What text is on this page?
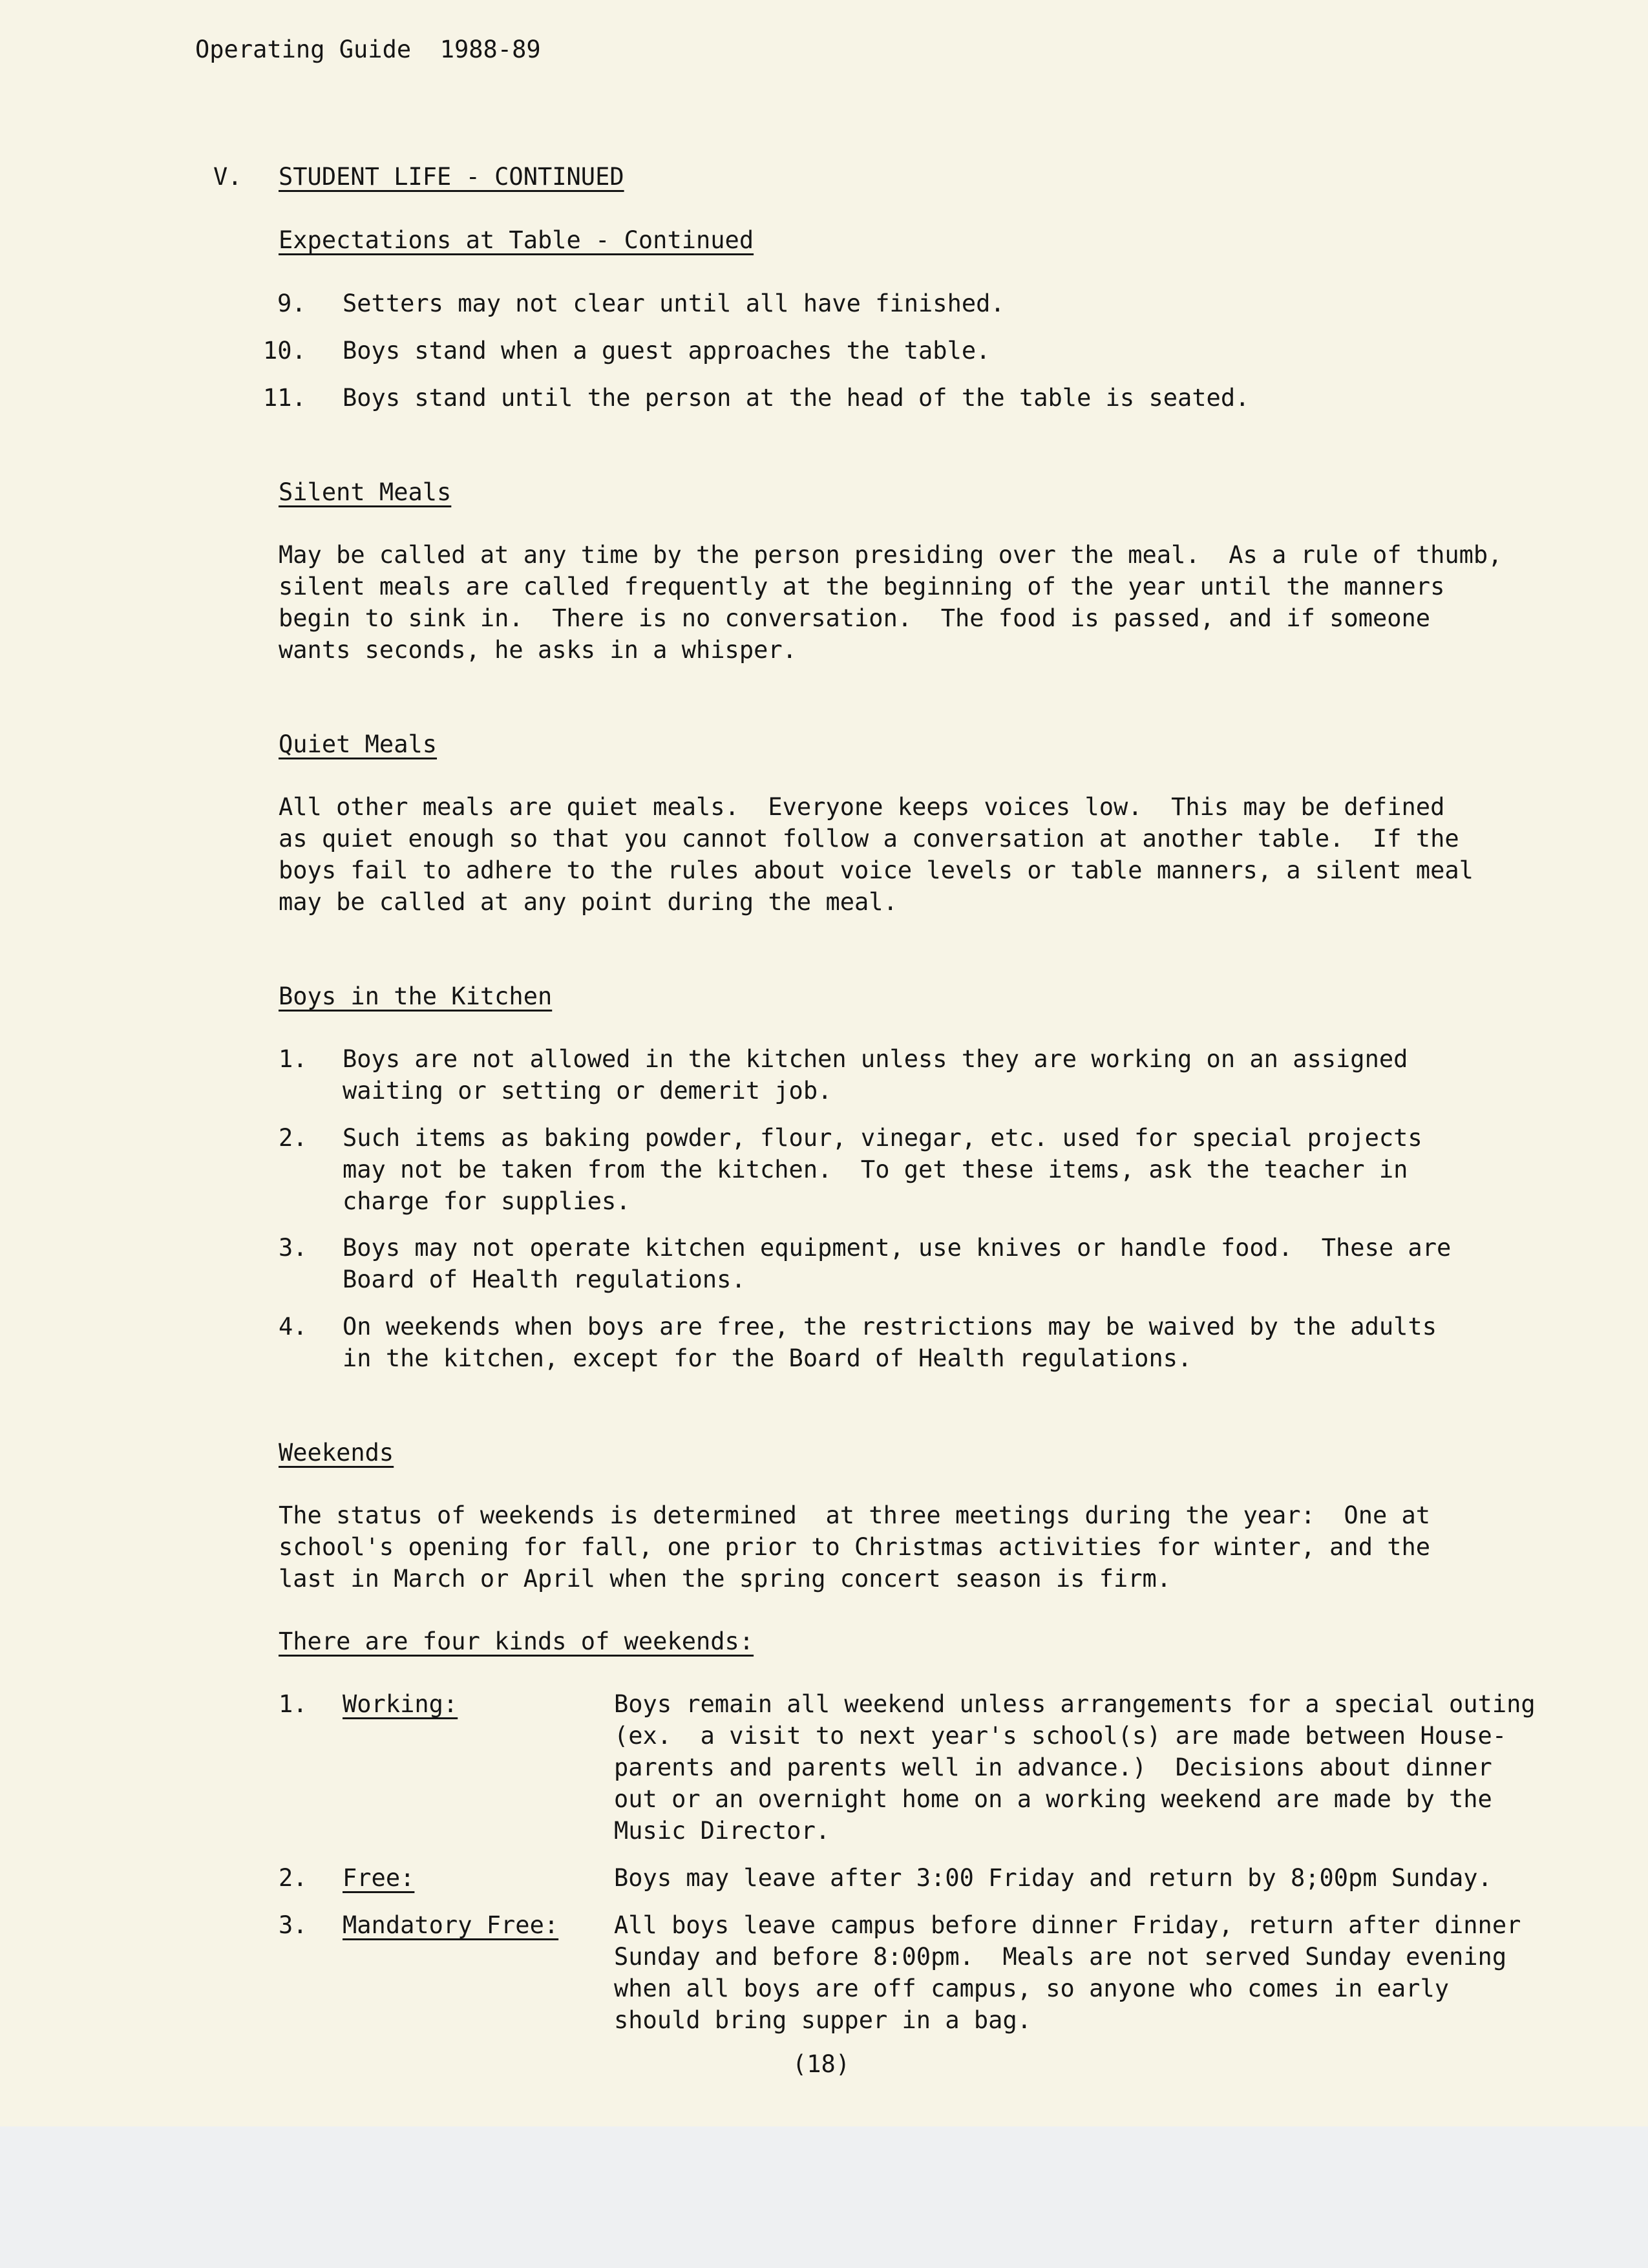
Operating Guide  1988-89
V. STUDENT LIFE - CONTINUED
Expectations at Table - Continued
9. Setters may not clear until all have finished.
10. Boys stand when a guest approaches the table.
11. Boys stand until the person at the head of the table is seated.
Silent Meals
May be called at any time by the person presiding over the meal.  As a rule of thumb,
silent meals are called frequently at the beginning of the year until the manners
begin to sink in.  There is no conversation.  The food is passed, and if someone
wants seconds, he asks in a whisper.
Quiet Meals
All other meals are quiet meals.  Everyone keeps voices low.  This may be defined
as quiet enough so that you cannot follow a conversation at another table.  If the
boys fail to adhere to the rules about voice levels or table manners, a silent meal
may be called at any point during the meal.
Boys in the Kitchen
1. Boys are not allowed in the kitchen unless they are working on an assigned
waiting or setting or demerit job.
2. Such items as baking powder, flour, vinegar, etc. used for special projects
may not be taken from the kitchen.  To get these items, ask the teacher in
charge for supplies.
3. Boys may not operate kitchen equipment, use knives or handle food.  These are
Board of Health regulations.
4. On weekends when boys are free, the restrictions may be waived by the adults
in the kitchen, except for the Board of Health regulations.
Weekends
The status of weekends is determined  at three meetings during the year:  One at
school's opening for fall, one prior to Christmas activities for winter, and the
last in March or April when the spring concert season is firm.
There are four kinds of weekends:
1. Working:	Boys remain all weekend unless arrangements for a special outing
(ex.  a visit to next year's school(s) are made between House-
parents and parents well in advance.)  Decisions about dinner
out or an overnight home on a working weekend are made by the
Music Director.
2. Free:	Boys may leave after 3:00 Friday and return by 8;00pm Sunday.
3. Mandatory Free: All boys leave campus before dinner Friday, return after dinner
Sunday and before 8:00pm.  Meals are not served Sunday evening
when all boys are off campus, so anyone who comes in early
should bring supper in a bag.
(18)
